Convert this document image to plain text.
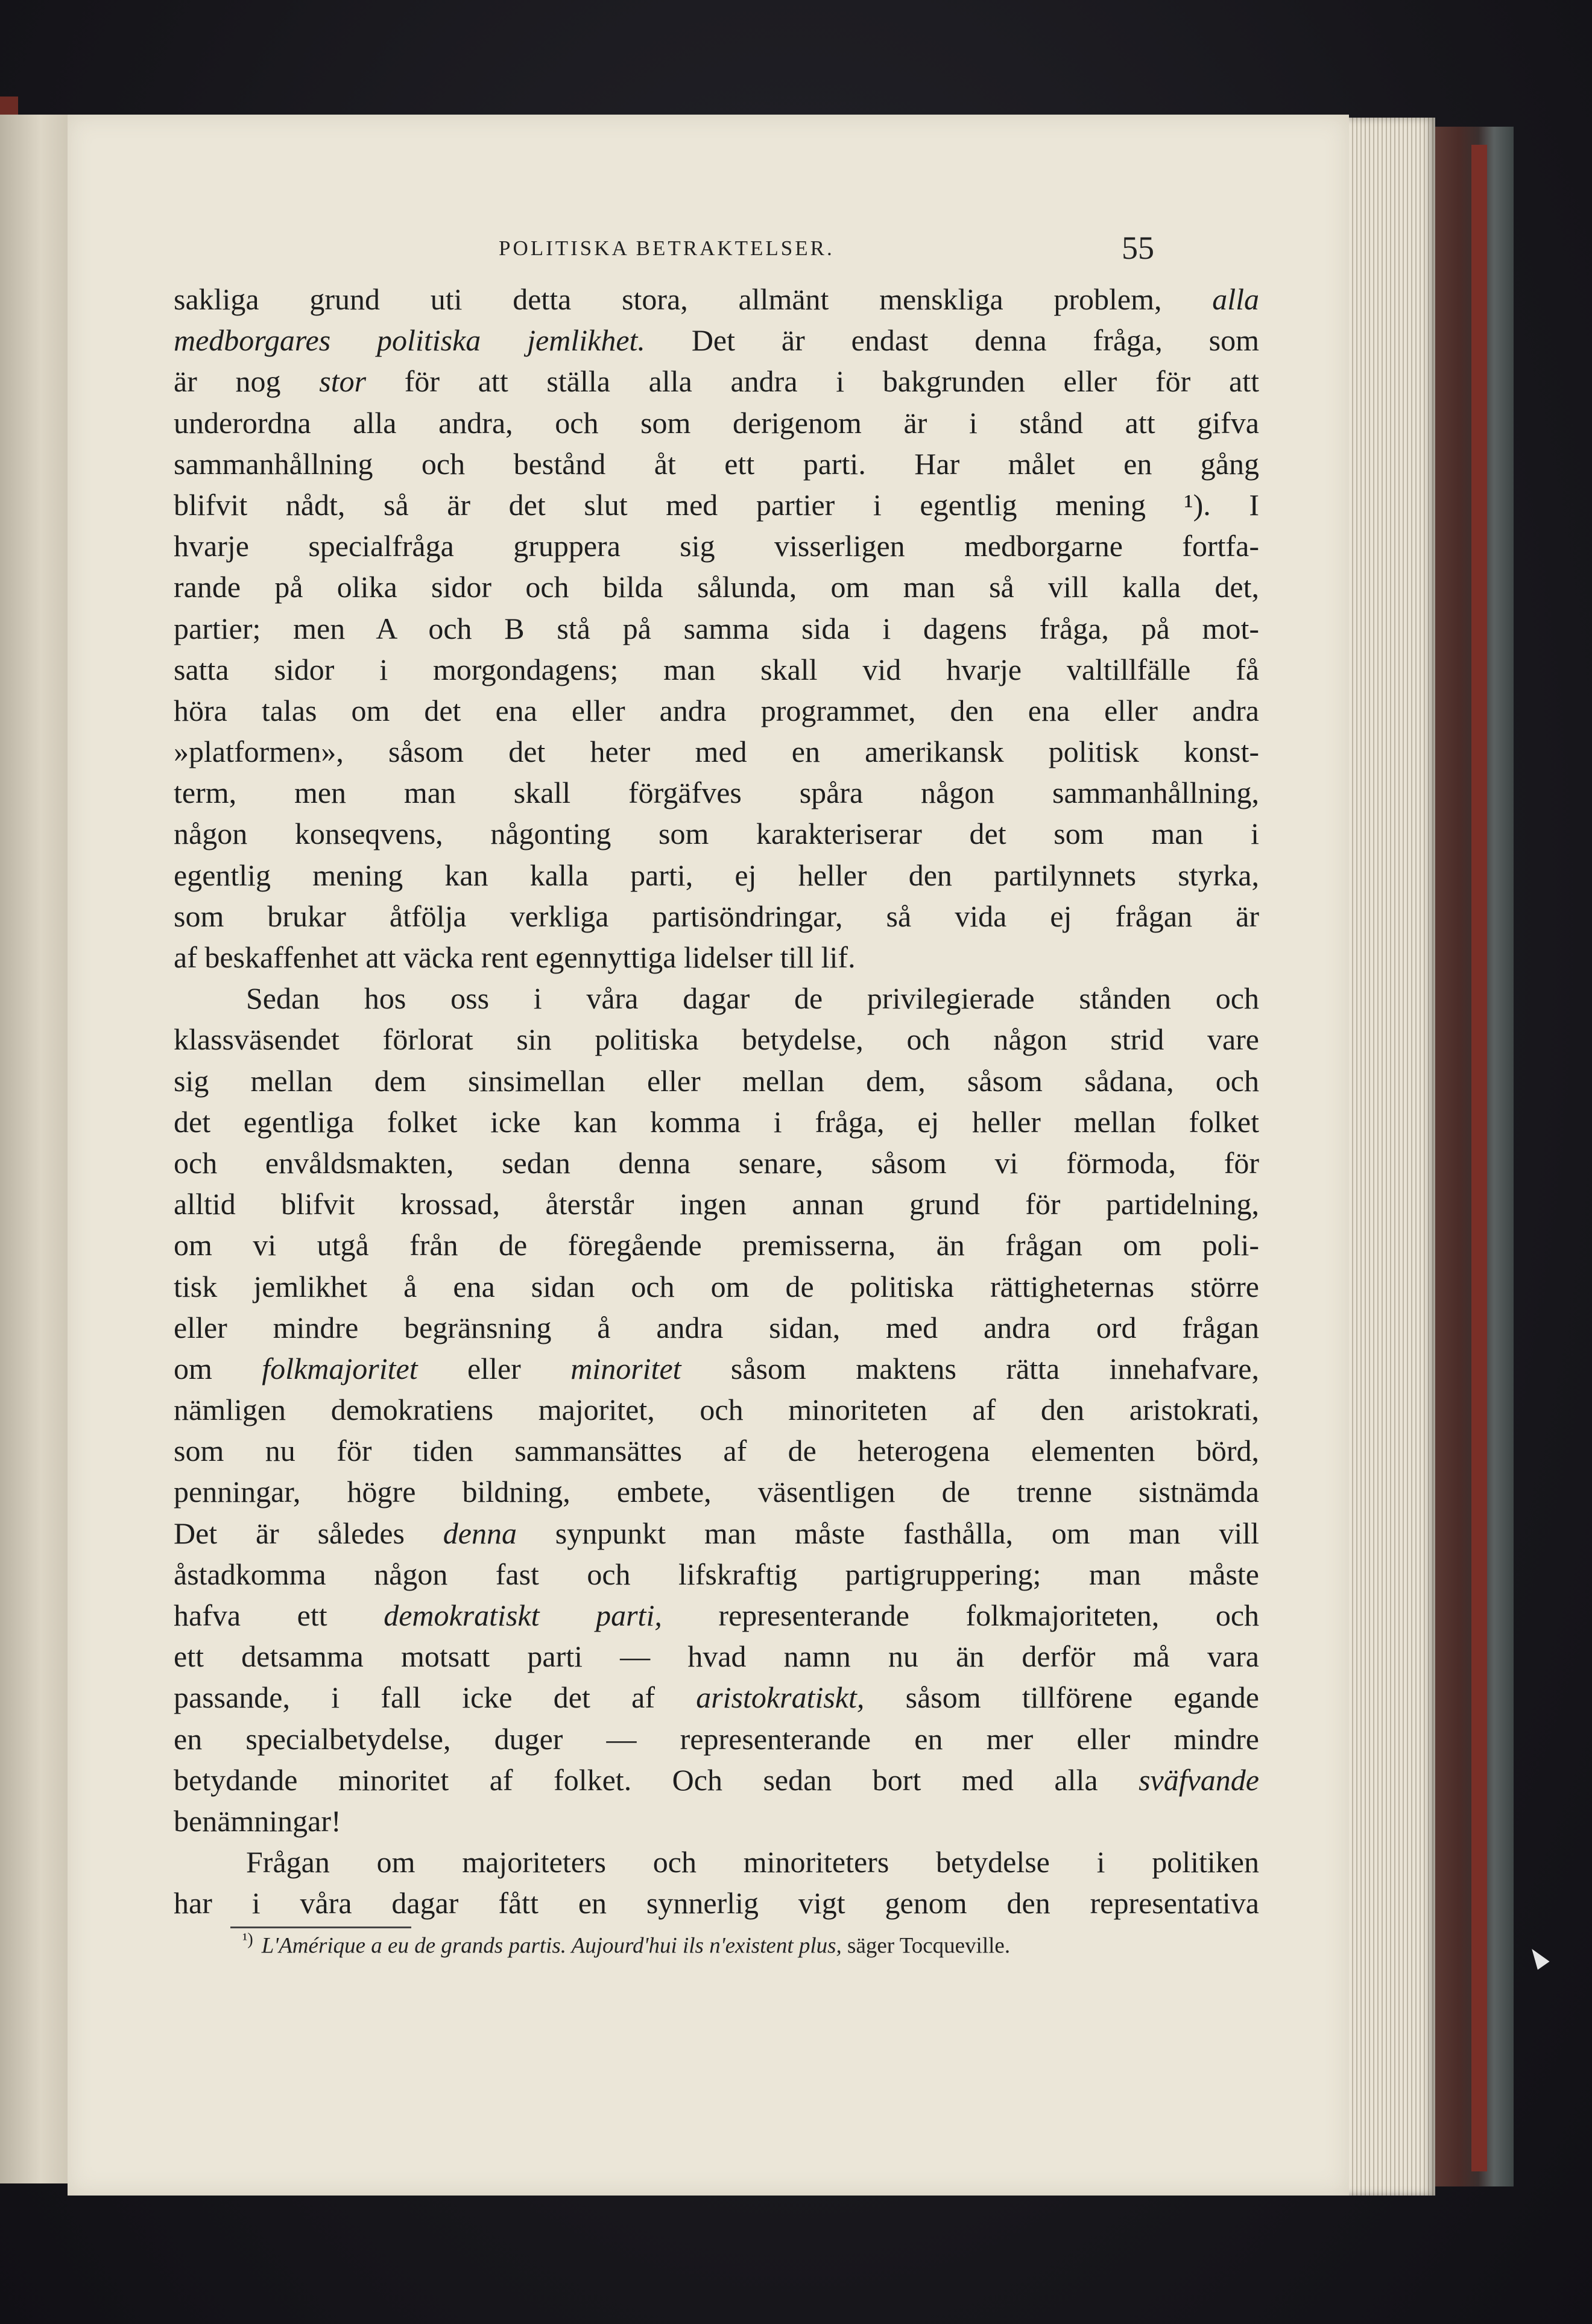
POLITISKA BETRAKTELSER.	55
sakliga grund uti detta stora, allmänt menskliga problem, alla
medborgares politiska jemlikhet. Det är endast denna fråga, som
är nog stor för att ställa alla andra i bakgrunden eller för att
underordna alla andra, och som derigenom är i stånd att gifva
sammanhållning och bestånd åt ett parti. Har målet en gång
blifvit nådt, så är det slut med partier i egentlig mening ¹). I
hvarje specialfråga gruppera sig visserligen medborgarne fortfa-
rande på olika sidor och bilda sålunda, om man så vill kalla det,
partier; men A och B stå på samma sida i dagens fråga, på mot-
satta sidor i morgondagens; man skall vid hvarje valtillfälle få
höra talas om det ena eller andra programmet, den ena eller andra
»platformen», såsom det heter med en amerikansk politisk konst-
term, men man skall förgäfves spåra någon sammanhållning,
någon konseqvens, någonting som karakteriserar det som man i
egentlig mening kan kalla parti, ej heller den partilynnets styrka,
som brukar åtfölja verkliga partisöndringar, så vida ej frågan är
af beskaffenhet att väcka rent egennyttiga lidelser till lif.
Sedan hos oss i våra dagar de privilegierade stånden och
klassväsendet förlorat sin politiska betydelse, och någon strid vare
sig mellan dem sinsimellan eller mellan dem, såsom sådana, och
det egentliga folket icke kan komma i fråga, ej heller mellan folket
och envåldsmakten, sedan denna senare, såsom vi förmoda, för
alltid blifvit krossad, återstår ingen annan grund för partidelning,
om vi utgå från de föregående premisserna, än frågan om poli-
tisk jemlikhet å ena sidan och om de politiska rättigheternas större
eller mindre begränsning å andra sidan, med andra ord frågan
om folkmajoritet eller minoritet såsom maktens rätta innehafvare,
nämligen demokratiens majoritet, och minoriteten af den aristokrati,
som nu för tiden sammansättes af de heterogena elementen börd,
penningar, högre bildning, embete, väsentligen de trenne sistnämda
Det är således denna synpunkt man måste fasthålla, om man vill
åstadkomma någon fast och lifskraftig partigruppering; man måste
hafva ett demokratiskt parti, representerande folkmajoriteten, och
ett detsamma motsatt parti — hvad namn nu än derför må vara
passande, i fall icke det af aristokratiskt, såsom tillförene egande
en specialbetydelse, duger — representerande en mer eller mindre
betydande minoritet af folket. Och sedan bort med alla sväfvande
benämningar!
Frågan om majoriteters och minoriteters betydelse i politiken
har i våra dagar fått en synnerlig vigt genom den representativa
$^{^1)}$ L'Amérique a eu de grands partis. Aujourd'hui ils n'existent plus, säger Tocqueville.
